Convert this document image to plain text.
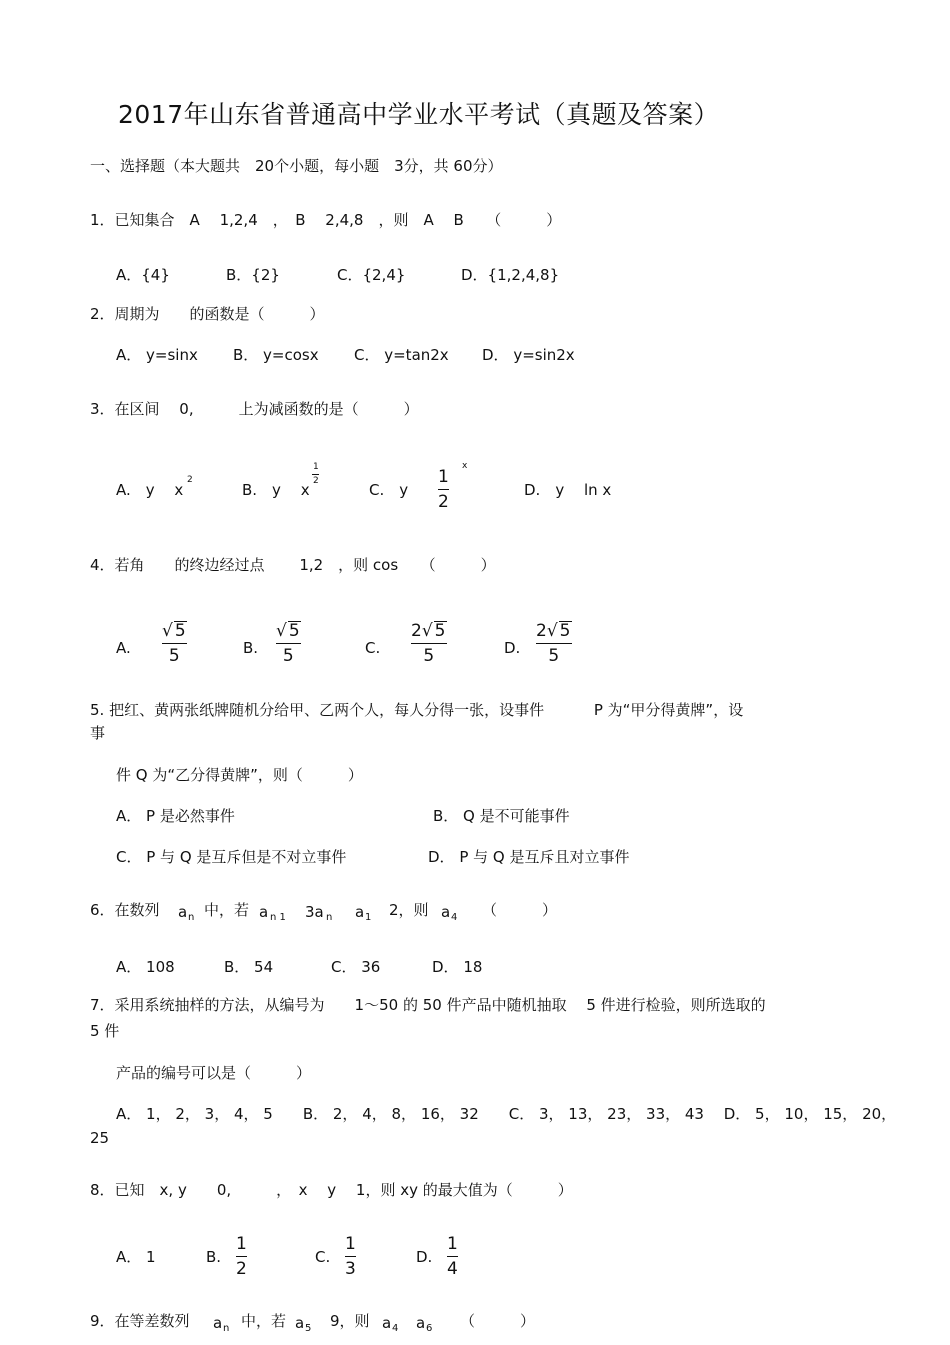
2017年山东省普通高中学业水平考试（真题及答案）
一、选择题（本大题共　20个小题，每小题　3分，共 60分）
1．已知集合　A　 1,2,4　，　B　 2,4,8　，则　A　 B　　（　　　）
A．{4}	B．{2}	C．{2,4}	D．{1,2,4,8}
2．周期为　　的函数是（　　　）
A． y=sinx B． y=cosx C． y=tan2x D． y=sin2x
3．在区间　 0,　　　上为减函数的是（　　　）
A.　y　 x
2
B.　y　 x
1
2	C.　y $\frac{1}{2}$
x
D.　y　 ln x
4．若角　　的终边经过点　　 1,2　，则 cos　　（　　　）
A. $\frac{√ 5}{5}$	B. $\frac{√ 5}{5}$	C. $\frac{2√ 5}{5}$	D. $\frac{2√ 5}{5}$
5. 把红、黄两张纸牌随机分给甲、乙两个人，每人分得一张，设事件　　　 P 为“甲分得黄牌”，设
事
件 Q 为“乙分得黄牌”，则（　　　）
A． P 是必然事件	B． Q 是不可能事件
C． P 与 Q 是互斥但是不对立事件	D． P 与 Q 是互斥且对立事件
6．在数列 a n 中，若 a n 1 3a n a 1 2，则 a 4 （　　　）
A． 108	B． 54	C． 36	D． 18
7．采用系统抽样的方法，从编号为　　1～50 的 50 件产品中随机抽取　 5 件进行检验，则所选取的
5 件
产品的编号可以是（　　　）
A． 1， 2， 3， 4， 5　　B． 2， 4， 8， 16， 32　　C． 3， 13， 23， 33， 43　 D． 5， 10， 15， 20，
25
8．已知　x, y　　0,　　　，　x　 y　 1，则 xy 的最大值为（　　　）
A． 1	B. $\frac{1}{2}$	C. $\frac{1}{3}$	D. $\frac{1}{4}$
9．在等差数列 a n 中，若 a 5 9，则 a 4 a 6 （　　　）
